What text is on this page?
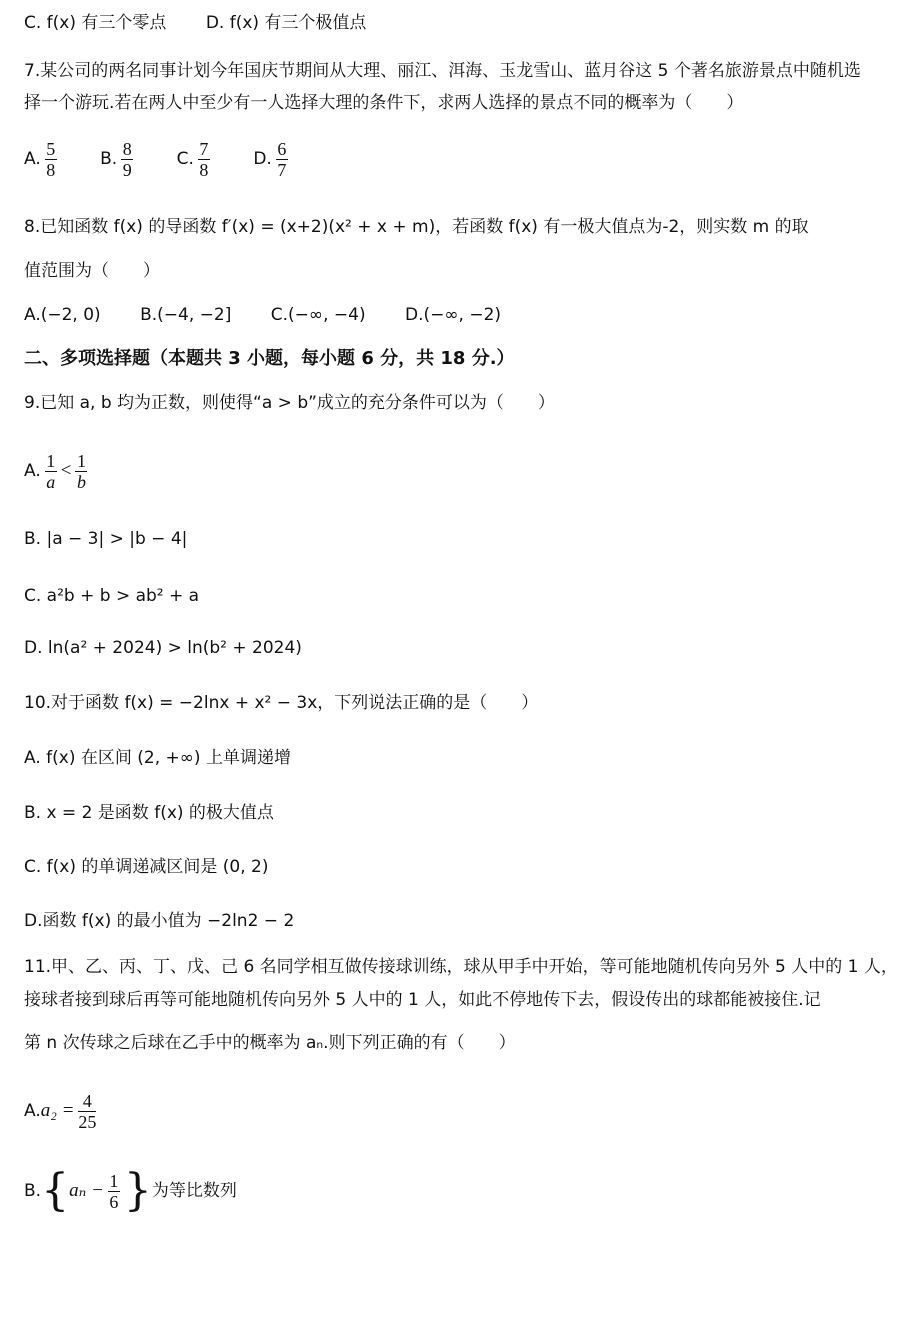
C. f(x) 有三个零点 D. f(x) 有三个极值点
7.某公司的两名同事计划今年国庆节期间从大理、丽江、洱海、玉龙雪山、蓝月谷这 5 个著名旅游景点中随机选
择一个游玩.若在两人中至少有一人选择大理的条件下，求两人选择的景点不同的概率为（　　）
A. $\frac{5}{8}$	B. $\frac{8}{9}$	C. $\frac{7}{8}$	D. $\frac{6}{7}$
8.已知函数 f(x) 的导函数 f′(x) = (x+2)(x² + x + m)，若函数 f(x) 有一极大值点为-2，则实数 m 的取
值范围为（　　）
A.(−2, 0) B.(−4, −2] C.(−∞, −4) D.(−∞, −2)
二、多项选择题（本题共 3 小题，每小题 6 分，共 18 分.）
9.已知 a, b 均为正数，则使得“a > b”成立的充分条件可以为（　　）
A. $\frac{1}{a} < \frac{1}{b}$
B. |a − 3| > |b − 4|
C. a²b + b > ab² + a
D. ln(a² + 2024) > ln(b² + 2024)
10.对于函数 f(x) = −2lnx + x² − 3x，下列说法正确的是（　　）
A. f(x) 在区间 (2, +∞) 上单调递增
B. x = 2 是函数 f(x) 的极大值点
C. f(x) 的单调递减区间是 (0, 2)
D.函数 f(x) 的最小值为 −2ln2 − 2
11.甲、乙、丙、丁、戊、己 6 名同学相互做传接球训练，球从甲手中开始，等可能地随机传向另外 5 人中的 1 人，
接球者接到球后再等可能地随机传向另外 5 人中的 1 人，如此不停地传下去，假设传出的球都能被接住.记
第 n 次传球之后球在乙手中的概率为 aₙ.则下列正确的有（　　）
$A.a_2 = \frac{4}{25}$
$B.\{a_n - \frac{1}{6}$ }为等比数列
